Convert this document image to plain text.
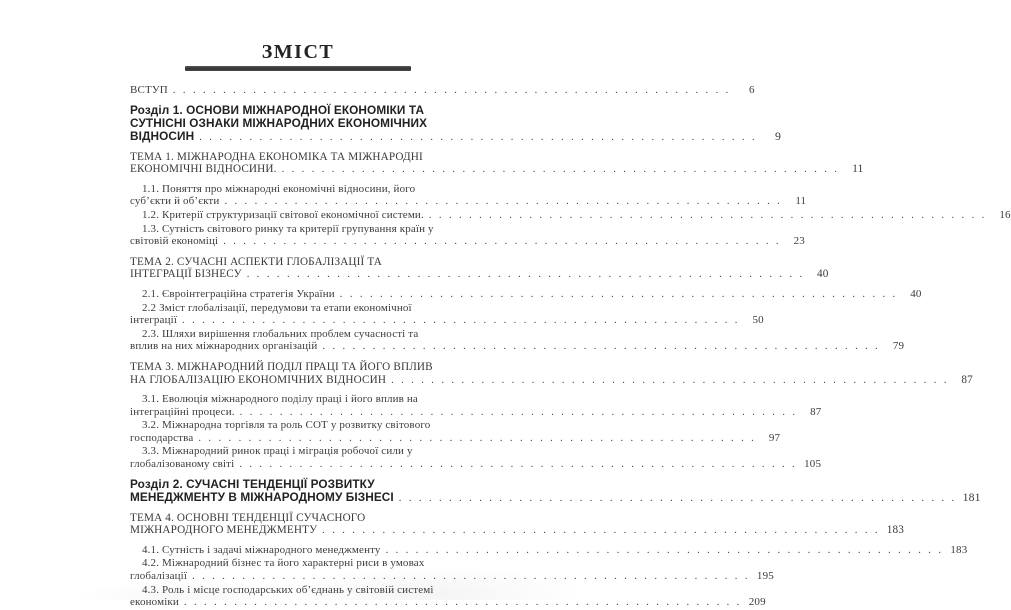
ЗМІСТ
ВСТУП . . .	6
Розділ 1. ОСНОВИ МІЖНАРОДНОЇ ЕКОНОМІКИ ТА
СУТНІСНІ ОЗНАКИ МІЖНАРОДНИХ ЕКОНОМІЧНИХ
ВІДНОСИН . . .	9
ТЕМА 1. МІЖНАРОДНА ЕКОНОМІКА ТА МІЖНАРОДНІ
ЕКОНОМІЧНІ ВІДНОСИНИ. . . .	11
1.1. Поняття про міжнародні економічні відносини, його
суб’єкти й об’єкти . . .	11
1.2. Критерії структуризації світової економічної системи. . . .	16
1.3. Сутність світового ринку та критерії групування країн у
світовій економіці . . .	23
ТЕМА 2. СУЧАСНІ АСПЕКТИ ГЛОБАЛІЗАЦІЇ ТА
ІНТЕГРАЦІЇ БІЗНЕСУ . . .	40
2.1. Євроінтеграційна стратегія України . . .	40
2.2 Зміст глобалізації, передумови та етапи економічної
інтеграції . . .	50
2.3. Шляхи вирішення глобальних проблем сучасності та
вплив на них міжнародних організацій . . .	79
ТЕМА 3. МІЖНАРОДНИЙ ПОДІЛ ПРАЦІ ТА ЙОГО ВПЛИВ
НА ГЛОБАЛІЗАЦІЮ ЕКОНОМІЧНИХ ВІДНОСИН . . .	87
3.1. Еволюція міжнародного поділу праці і його вплив на
інтеграційні процеси. . . .	87
3.2. Міжнародна торгівля та роль СОТ у розвитку світового
господарства . . .	97
3.3. Міжнародний ринок праці і міграція робочої сили у
глобалізованому світі . . .	105
Розділ 2. СУЧАСНІ ТЕНДЕНЦІЇ РОЗВИТКУ
МЕНЕДЖМЕНТУ В МІЖНАРОДНОМУ БІЗНЕСІ . . .	181
ТЕМА 4. ОСНОВНІ ТЕНДЕНЦІЇ СУЧАСНОГО
МІЖНАРОДНОГО МЕНЕДЖМЕНТУ . . .	183
4.1. Сутність і задачі міжнародного менеджменту . . .	183
4.2. Міжнародний бізнес та його характерні риси в умовах
глобалізації . . .	195
4.3. Роль і місце господарських об’єднань у світовій системі
економіки . . .	209
